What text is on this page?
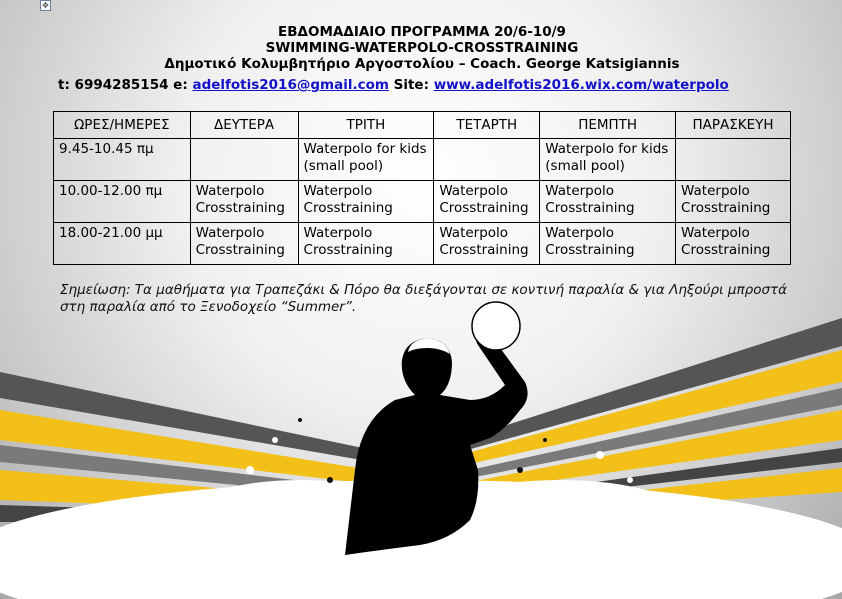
✥
ΕΒΔΟΜΑΔΙΑΙΟ ΠΡΟΓΡΑΜΜΑ 20/6-10/9
SWIMMING-WATERPOLO-CROSSTRAINING
Δημοτικό Κολυμβητήριο Αργοστολίου – Coach. George Katsigiannis
t: 6994285154 e: adelfotis2016@gmail.com Site: www.adelfotis2016.wix.com/waterpolo
ΩΡΕΣ/ΗΜΕΡΕΣ	ΔΕΥΤΕΡΑ	ΤΡΙΤΗ	ΤΕΤΑΡΤΗ	ΠΕΜΠΤΗ	ΠΑΡΑΣΚΕΥΗ
9.45-10.45 πμ		Waterpolo for kids (small pool)		Waterpolo for kids (small pool)	
10.00-12.00 πμ	Waterpolo Crosstraining	Waterpolo Crosstraining	Waterpolo Crosstraining	Waterpolo Crosstraining	Waterpolo Crosstraining
18.00-21.00 μμ	Waterpolo Crosstraining	Waterpolo Crosstraining	Waterpolo Crosstraining	Waterpolo Crosstraining	Waterpolo Crosstraining
Σημείωση: Τα μαθήματα για Τραπεζάκι & Πόρο θα διεξάγονται σε κοντινή παραλία & για Ληξούρι μπροστά στη παραλία από το Ξενοδοχείο “Summer”.
